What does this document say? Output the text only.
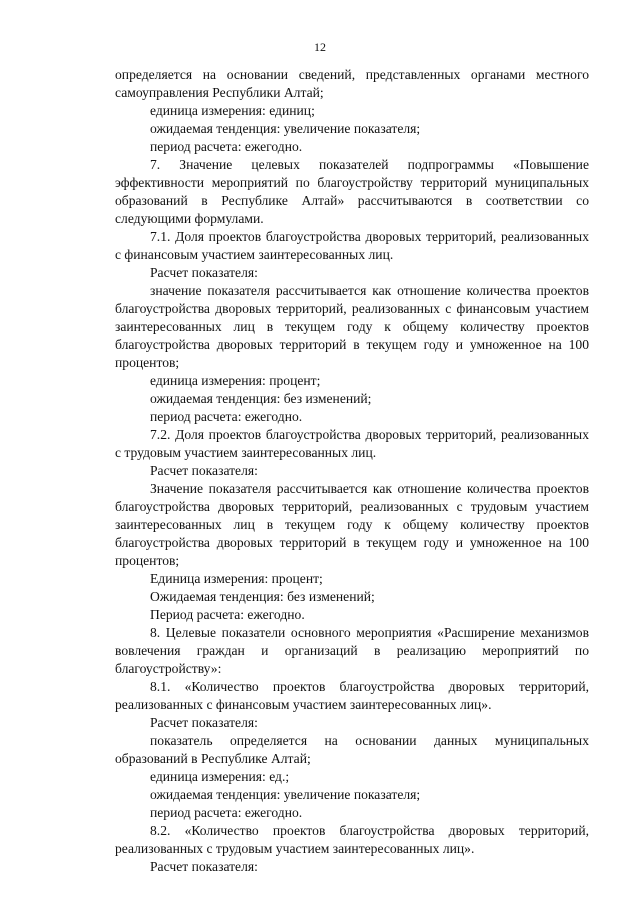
12

определяется на основании сведений, представленных органами местного самоуправления Республики Алтай;

единица измерения: единиц;

ожидаемая тенденция: увеличение показателя;

период расчета: ежегодно.

7. Значение целевых показателей подпрограммы «Повышение эффективности мероприятий по благоустройству территорий муниципальных образований в Республике Алтай» рассчитываются в соответствии со следующими формулами.

7.1. Доля проектов благоустройства дворовых территорий, реализованных с финансовым участием заинтересованных лиц.

Расчет показателя:

значение показателя рассчитывается как отношение количества проектов благоустройства дворовых территорий, реализованных с финансовым участием заинтересованных лиц в текущем году к общему количеству проектов благоустройства дворовых территорий в текущем году и умноженное на 100 процентов;

единица измерения: процент;

ожидаемая тенденция: без изменений;

период расчета: ежегодно.

7.2. Доля проектов благоустройства дворовых территорий, реализованных с трудовым участием заинтересованных лиц.

Расчет показателя:

Значение показателя рассчитывается как отношение количества проектов благоустройства дворовых территорий, реализованных с трудовым участием заинтересованных лиц в текущем году к общему количеству проектов благоустройства дворовых территорий в текущем году и умноженное на 100 процентов;

Единица измерения: процент;

Ожидаемая тенденция: без изменений;

Период расчета: ежегодно.

8. Целевые показатели основного мероприятия «Расширение механизмов вовлечения граждан и организаций в реализацию мероприятий по благоустройству»:

8.1. «Количество проектов благоустройства дворовых территорий, реализованных с финансовым участием заинтересованных лиц».

Расчет показателя:

показатель определяется на основании данных муниципальных образований в Республике Алтай;

единица измерения: ед.;

ожидаемая тенденция: увеличение показателя;

период расчета: ежегодно.

8.2. «Количество проектов благоустройства дворовых территорий, реализованных с трудовым участием заинтересованных лиц».

Расчет показателя:
